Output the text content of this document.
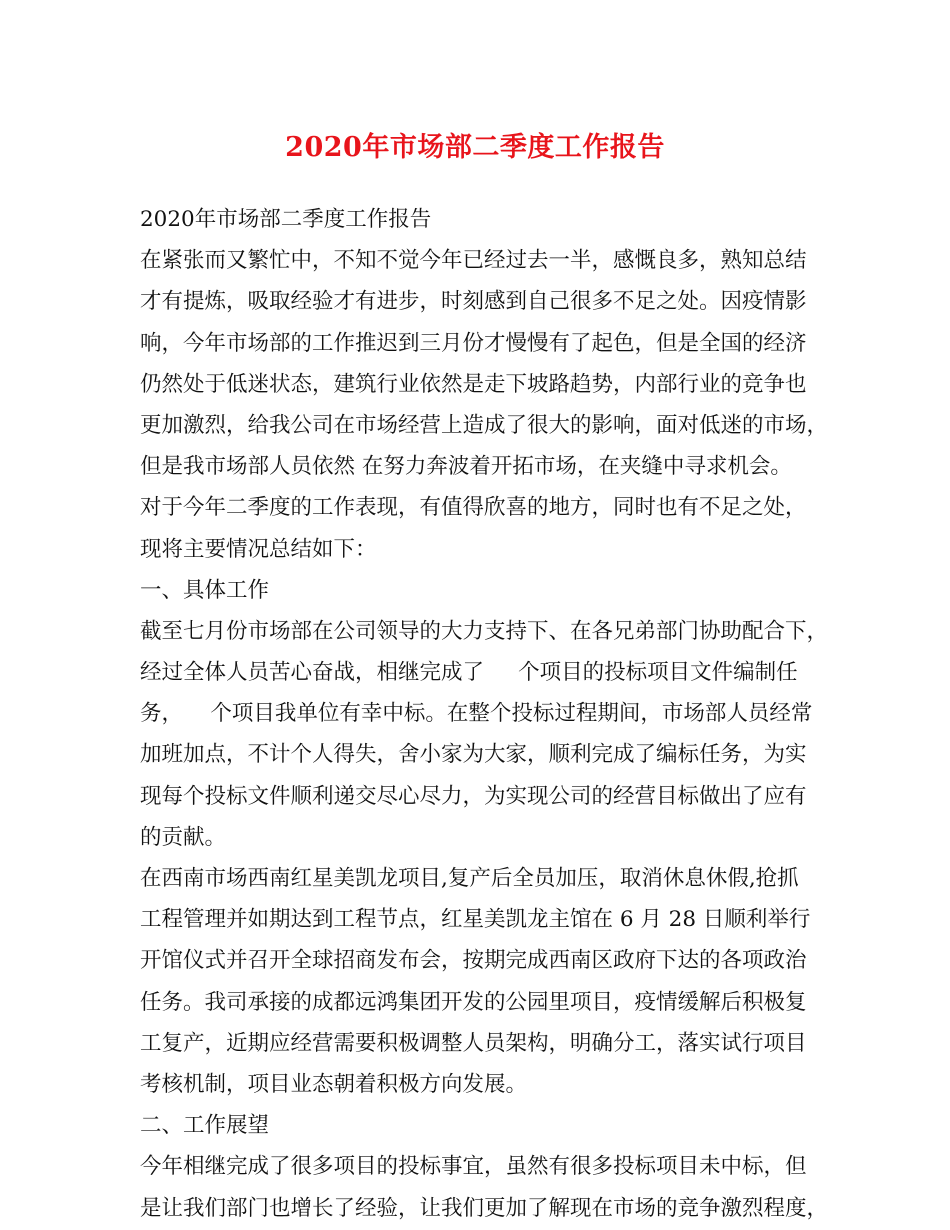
2020年市场部二季度工作报告
2020年市场部二季度工作报告
在紧张而又繁忙中，不知不觉今年已经过去一半，感慨良多，熟知总结
才有提炼，吸取经验才有进步，时刻感到自己很多不足之处。因疫情影
响，今年市场部的工作推迟到三月份才慢慢有了起色，但是全国的经济
仍然处于低迷状态，建筑行业依然是走下坡路趋势，内部行业的竞争也
更加激烈，给我公司在市场经营上造成了很大的影响，面对低迷的市场，
但是我市场部人员依然 在努力奔波着开拓市场，在夹缝中寻求机会。
对于今年二季度的工作表现，有值得欣喜的地方，同时也有不足之处，
现将主要情况总结如下：
一、具体工作
截至七月份市场部在公司领导的大力支持下、在各兄弟部门协助配合下，
经过全体人员苦心奋战，相继完成了     个项目的投标项目文件编制任
务，    个项目我单位有幸中标。在整个投标过程期间，市场部人员经常
加班加点，不计个人得失，舍小家为大家，顺利完成了编标任务，为实
现每个投标文件顺利递交尽心尽力，为实现公司的经营目标做出了应有
的贡献。
在西南市场西南红星美凯龙项目,复产后全员加压，取消休息休假,抢抓
工程管理并如期达到工程节点，红星美凯龙主馆在 6 月 28 日顺利举行
开馆仪式并召开全球招商发布会，按期完成西南区政府下达的各项政治
任务。我司承接的成都远鸿集团开发的公园里项目，疫情缓解后积极复
工复产，近期应经营需要积极调整人员架构，明确分工，落实试行项目
考核机制，项目业态朝着积极方向发展。
二、工作展望
今年相继完成了很多项目的投标事宜，虽然有很多投标项目未中标，但
是让我们部门也增长了经验，让我们更加了解现在市场的竞争激烈程度，
